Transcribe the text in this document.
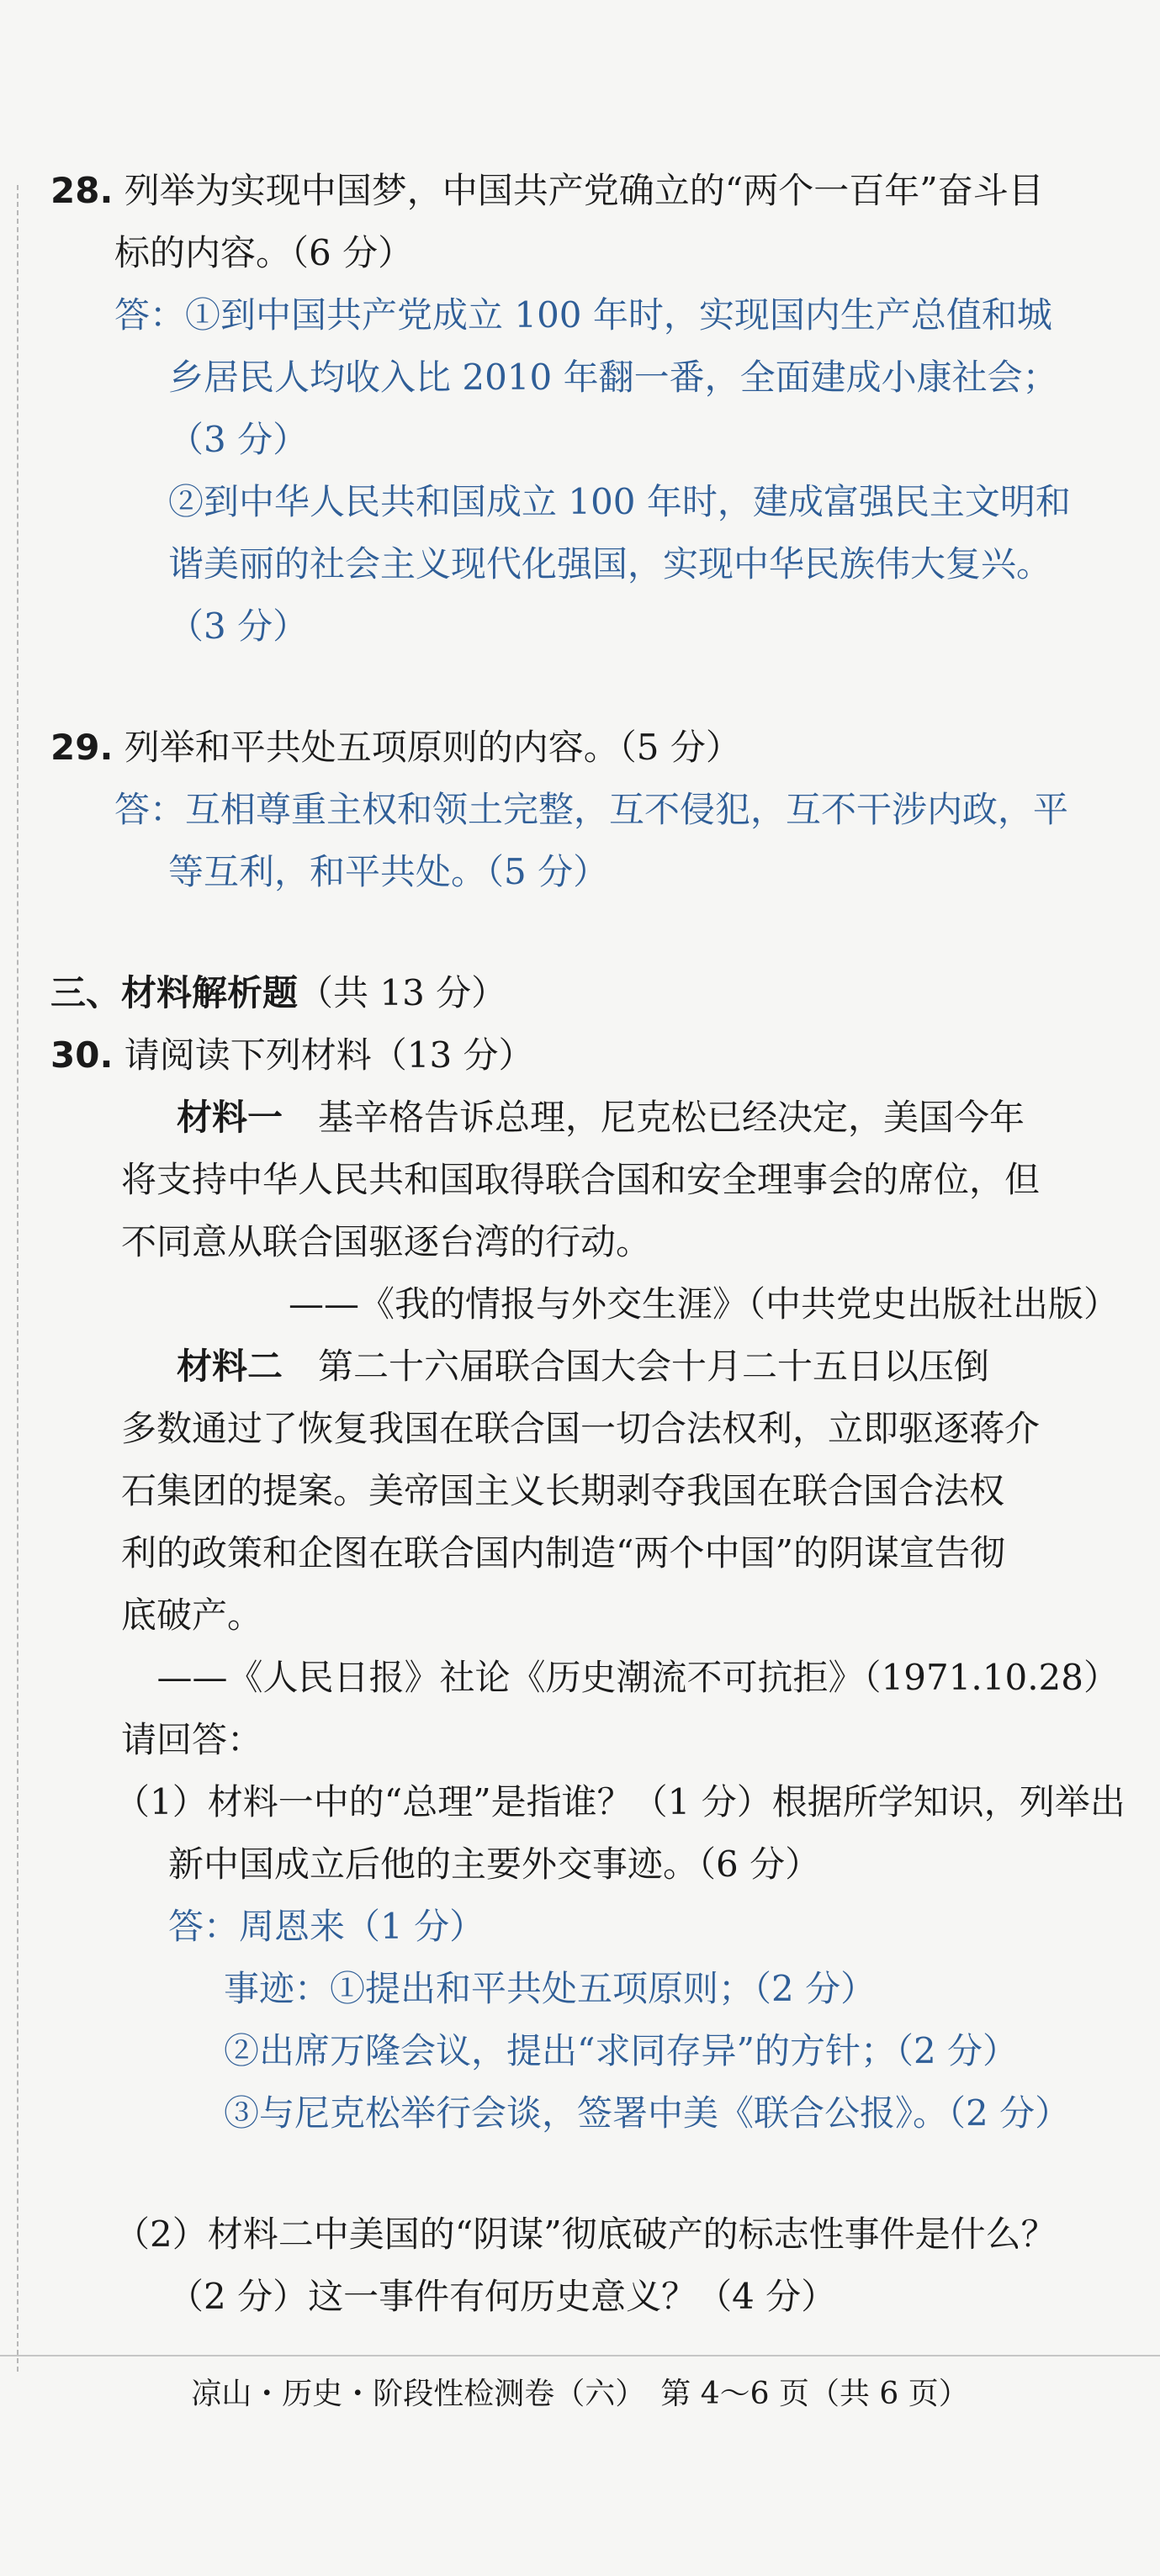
28. 列举为实现中国梦，中国共产党确立的“两个一百年”奋斗目
标的内容。（6 分）
答：①到中国共产党成立 100 年时，实现国内生产总值和城
乡居民人均收入比 2010 年翻一番，全面建成小康社会；
（3 分）
②到中华人民共和国成立 100 年时，建成富强民主文明和
谐美丽的社会主义现代化强国，实现中华民族伟大复兴。
（3 分）
29. 列举和平共处五项原则的内容。（5 分）
答：互相尊重主权和领土完整，互不侵犯，互不干涉内政，平
等互利，和平共处。（5 分）
三、材料解析题（共 13 分）
30. 请阅读下列材料（13 分）
材料一　基辛格告诉总理，尼克松已经决定，美国今年
将支持中华人民共和国取得联合国和安全理事会的席位，但
不同意从联合国驱逐台湾的行动。
——《我的情报与外交生涯》（中共党史出版社出版）
材料二　第二十六届联合国大会十月二十五日以压倒
多数通过了恢复我国在联合国一切合法权利，立即驱逐蒋介
石集团的提案。美帝国主义长期剥夺我国在联合国合法权
利的政策和企图在联合国内制造“两个中国”的阴谋宣告彻
底破产。
——《人民日报》社论《历史潮流不可抗拒》（1971.10.28）
请回答：
（1）材料一中的“总理”是指谁？（1 分）根据所学知识，列举出
新中国成立后他的主要外交事迹。（6 分）
答：周恩来（1 分）
事迹：①提出和平共处五项原则；（2 分）
②出席万隆会议，提出“求同存异”的方针；（2 分）
③与尼克松举行会谈，签署中美《联合公报》。（2 分）
（2）材料二中美国的“阴谋”彻底破产的标志性事件是什么？
（2 分）这一事件有何历史意义？（4 分）
凉山・历史・阶段性检测卷（六）　第 4～6 页（共 6 页）
